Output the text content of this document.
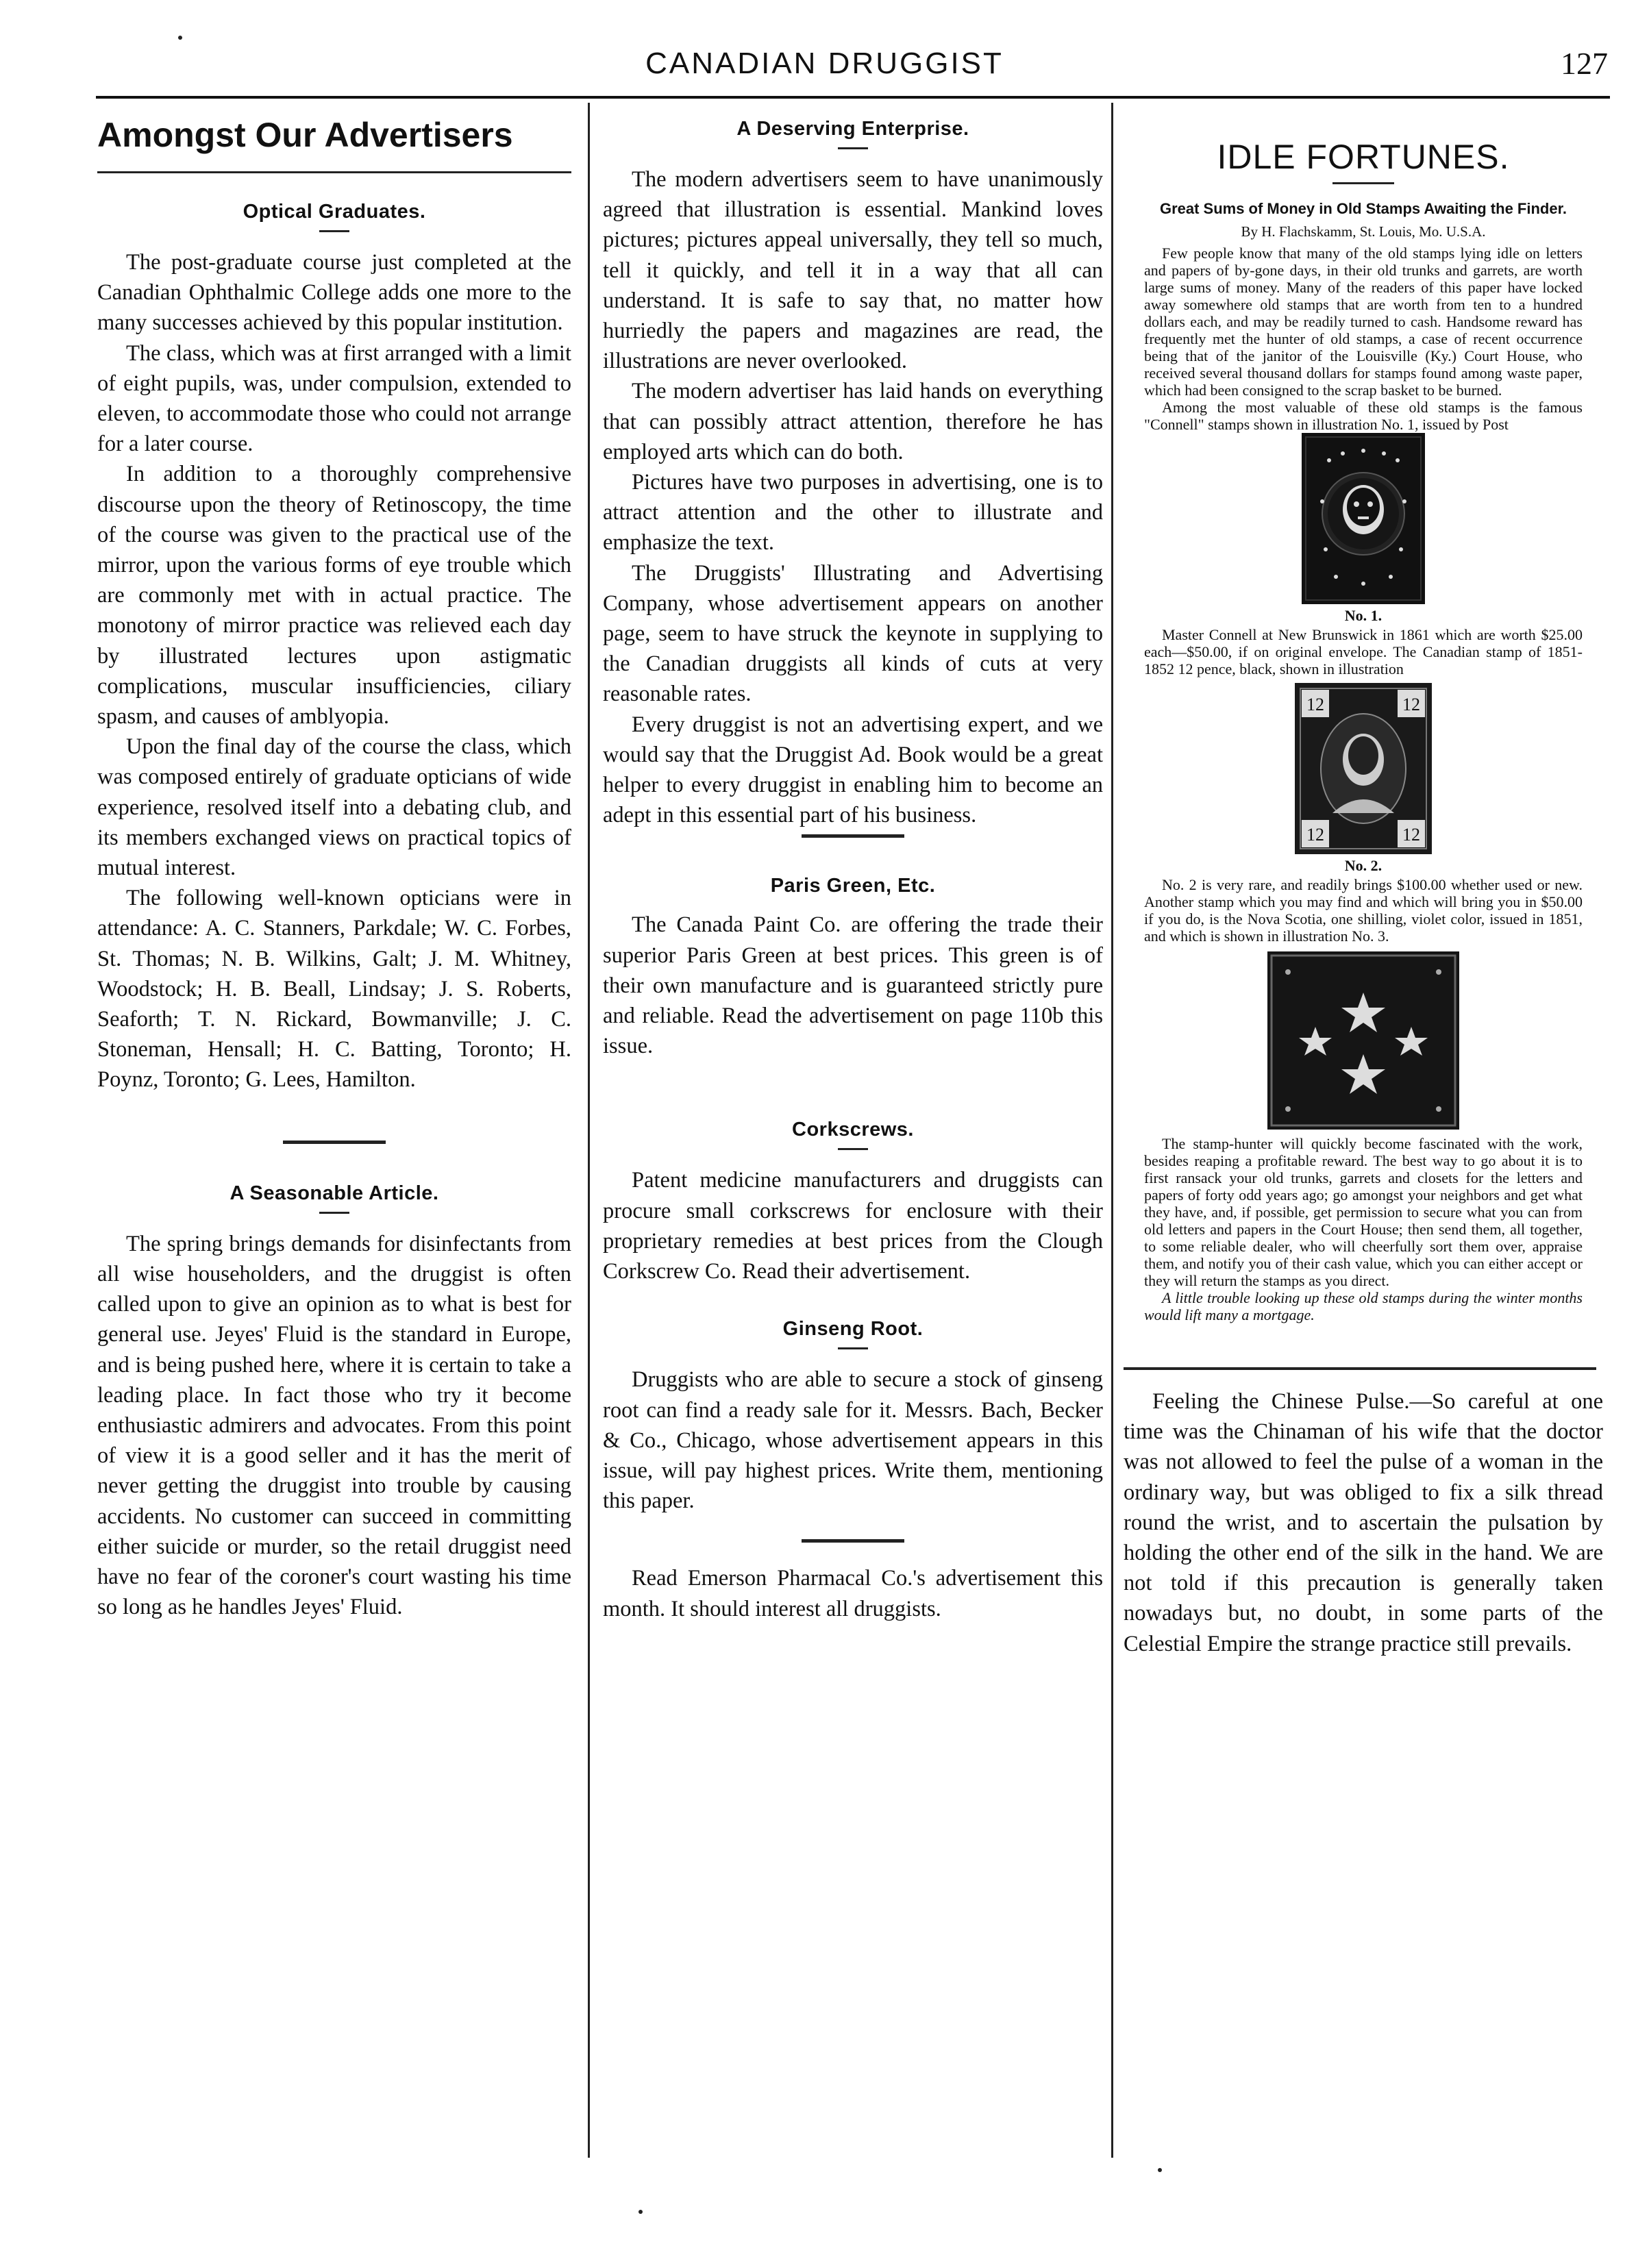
CANADIAN DRUGGIST	127
Amongst Our Advertisers
Optical Graduates.

The post-graduate course just completed at the Canadian Ophthalmic College adds one more to the many successes achieved by this popular institution.

The class, which was at first arranged with a limit of eight pupils, was, under compulsion, extended to eleven, to accommodate those who could not arrange for a later course.

In addition to a thoroughly comprehensive discourse upon the theory of Retinoscopy, the time of the course was given to the practical use of the mirror, upon the various forms of eye trouble which are commonly met with in actual practice. The monotony of mirror practice was relieved each day by illustrated lectures upon astigmatic complications, muscular insufficiencies, ciliary spasm, and causes of amblyopia.

Upon the final day of the course the class, which was composed entirely of graduate opticians of wide experience, resolved itself into a debating club, and its members exchanged views on practical topics of mutual interest.

The following well-known opticians were in attendance: A. C. Stanners, Parkdale; W. C. Forbes, St. Thomas; N. B. Wilkins, Galt; J. M. Whitney, Woodstock; H. B. Beall, Lindsay; J. S. Roberts, Seaforth; T. N. Rickard, Bowmanville; J. C. Stoneman, Hensall; H. C. Batting, Toronto; H. Poynz, Toronto; G. Lees, Hamilton.

A Seasonable Article.

The spring brings demands for disinfectants from all wise householders, and the druggist is often called upon to give an opinion as to what is best for general use. Jeyes' Fluid is the standard in Europe, and is being pushed here, where it is certain to take a leading place. In fact those who try it become enthusiastic admirers and advocates. From this point of view it is a good seller and it has the merit of never getting the druggist into trouble by causing accidents. No customer can succeed in committing either suicide or murder, so the retail druggist need have no fear of the coroner's court wasting his time so long as he handles Jeyes' Fluid.

A Deserving Enterprise.

The modern advertisers seem to have unanimously agreed that illustration is essential. Mankind loves pictures; pictures appeal universally, they tell so much, tell it quickly, and tell it in a way that all can understand. It is safe to say that, no matter how hurriedly the papers and magazines are read, the illustrations are never overlooked.

The modern advertiser has laid hands on everything that can possibly attract attention, therefore he has employed arts which can do both.

Pictures have two purposes in advertising, one is to attract attention and the other to illustrate and emphasize the text.

The Druggists' Illustrating and Advertising Company, whose advertisement appears on another page, seem to have struck the keynote in supplying to the Canadian druggists all kinds of cuts at very reasonable rates.

Every druggist is not an advertising expert, and we would say that the Druggist Ad. Book would be a great helper to every druggist in enabling him to become an adept in this essential part of his business.

Paris Green, Etc.

The Canada Paint Co. are offering the trade their superior Paris Green at best prices. This green is of their own manufacture and is guaranteed strictly pure and reliable. Read the advertisement on page 110b this issue.

Corkscrews.

Patent medicine manufacturers and druggists can procure small corkscrews for enclosure with their proprietary remedies at best prices from the Clough Corkscrew Co. Read their advertisement.

Ginseng Root.

Druggists who are able to secure a stock of ginseng root can find a ready sale for it. Messrs. Bach, Becker & Co., Chicago, whose advertisement appears in this issue, will pay highest prices. Write them, mentioning this paper.

Read Emerson Pharmacal Co.'s advertisement this month. It should interest all druggists.

IDLE FORTUNES.
Great Sums of Money in Old Stamps Awaiting the Finder.
By H. Flachskamm, St. Louis, Mo. U.S.A.

Few people know that many of the old stamps lying idle on letters and papers of by-gone days, in their old trunks and garrets, are worth large sums of money. Many of the readers of this paper have locked away somewhere old stamps that are worth from ten to a hundred dollars each, and may be readily turned to cash. Handsome reward has frequently met the hunter of old stamps, a case of recent occurrence being that of the janitor of the Louisville (Ky.) Court House, who received several thousand dollars for stamps found among waste paper, which had been consigned to the scrap basket to be burned.

Among the most valuable of these old stamps is the famous "Connell" stamps shown in illustration No. 1, issued by Post

No. 1.

Master Connell at New Brunswick in 1861 which are worth $25.00 each—$50.00, if on original envelope. The Canadian stamp of 1851-1852 12 pence, black, shown in illustration

12	12
12	12
No. 2.

No. 2 is very rare, and readily brings $100.00 whether used or new. Another stamp which you may find and which will bring you in $50.00 if you do, is the Nova Scotia, one shilling, violet color, issued in 1851, and which is shown in illustration No. 3.

The stamp-hunter will quickly become fascinated with the work, besides reaping a profitable reward. The best way to go about it is to first ransack your old trunks, garrets and closets for the letters and papers of forty odd years ago; go amongst your neighbors and get what they have, and, if possible, get permission to secure what you can from old letters and papers in the Court House; then send them, all together, to some reliable dealer, who will cheerfully sort them over, appraise them, and notify you of their cash value, which you can either accept or they will return the stamps as you direct.

A little trouble looking up these old stamps during the winter months would lift many a mortgage.

Feeling the Chinese Pulse.—So careful at one time was the Chinaman of his wife that the doctor was not allowed to feel the pulse of a woman in the ordinary way, but was obliged to fix a silk thread round the wrist, and to ascertain the pulsation by holding the other end of the silk in the hand. We are not told if this precaution is generally taken nowadays but, no doubt, in some parts of the Celestial Empire the strange practice still prevails.
